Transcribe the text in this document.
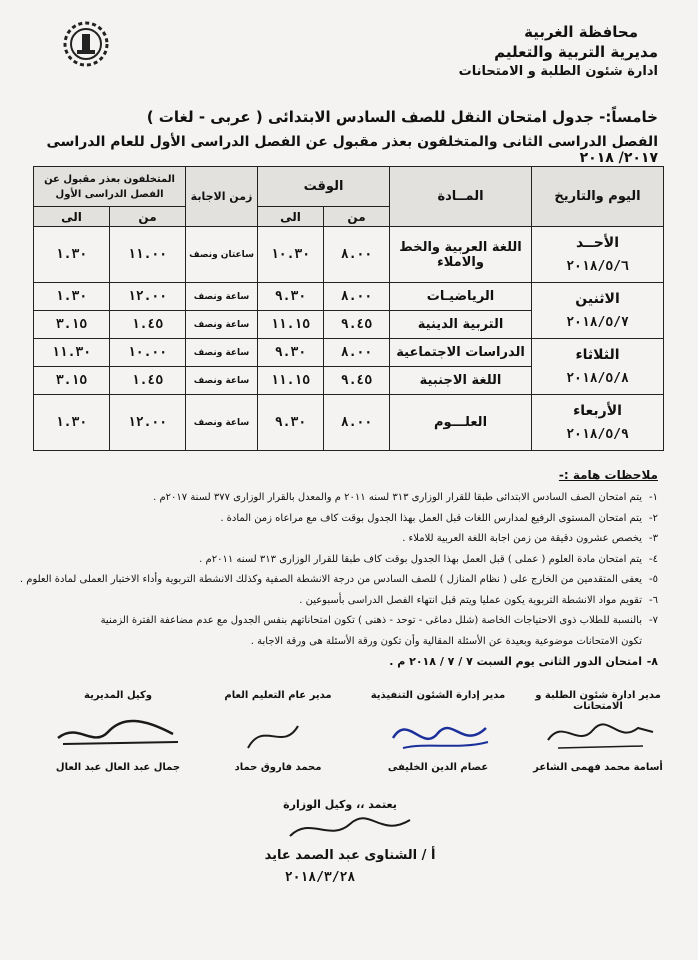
محافظة الغربية
مديرية التربية والتعليم
ادارة شئون الطلبة و الامتحانات
خامساً:- جدول امتحان النقل للصف السادس الابتدائى ( عربى - لغات )
الفصل الدراسى الثانى والمتخلفون بعذر مقبول عن الفصل الدراسى الأول للعام الدراسى ٢٠١٧/ ٢٠١٨
اليوم والتاريخ	المــادة	الوقت		زمن الاجابة	المتخلفون بعذر مقبول عن الفصل الدراسى الأول	
		من	الى		من	الى

الأحــد
٢٠١٨/٥/٦	اللغة العربية والخط والاملاء	٨.٠٠	١٠.٣٠	ساعتان ونصف	١١.٠٠	١.٣٠

الاثنين
٢٠١٨/٥/٧	الرياضيـات	٨.٠٠	٩.٣٠	ساعة ونصف	١٢.٠٠	١.٣٠
	التربية الدينية	٩.٤٥	١١.١٥	ساعة ونصف	١.٤٥	٣.١٥

الثلاثاء
٢٠١٨/٥/٨	الدراسات الاجتماعية	٨.٠٠	٩.٣٠	ساعة ونصف	١٠.٠٠	١١.٣٠
	اللغة الاجنبية	٩.٤٥	١١.١٥	ساعة ونصف	١.٤٥	٣.١٥

الأربعاء
٢٠١٨/٥/٩	العلـــوم	٨.٠٠	٩.٣٠	ساعة ونصف	١٢.٠٠	١.٣٠
ملاحظات هامة :-
١-يتم امتحان الصف السادس الابتدائى طبقا للقرار الوزارى ٣١٣ لسنه ٢٠١١ م والمعدل بالقرار الوزارى ٣٧٧ لسنة ٢٠١٧م .
٢-يتم امتحان المستوى الرفيع لمدارس اللغات قبل العمل بهذا الجدول بوقت كاف مع مراعاه زمن المادة .
٣-يخصص عشرون دقيقة من زمن اجابة اللغة العربية للاملاء .
٤-يتم امتحان مادة العلوم ( عملى ) قبل العمل بهذا الجدول بوقت كاف طبقا للقرار الوزارى ٣١٣ لسنه ٢٠١١م .
٥-يعفى المتقدمين من الخارج على ( نظام المنازل ) للصف السادس من درجة الانشطة الصفية وكذلك الانشطة التربوية وأداء الاختبار العملى لمادة العلوم .
٦-تقويم مواد الانشطة التربوية يكون عمليا ويتم قبل انتهاء الفصل الدراسى بأسبوعين .
٧-بالنسبة للطلاب ذوى الاحتياجات الخاصة (شلل دماغى - توحد - ذهنى ) تكون امتحاناتهم بنفس الجدول مع عدم مضاعفة الفترة الزمنية
تكون الامتحانات موضوعية وبعيدة عن الأسئلة المقالية وأن تكون ورقة الأسئلة هى ورقة الاجابة .
٨-امتحان الدور الثانى يوم السبت ٧ / ٧ / ٢٠١٨ م .
مدير ادارة شئون الطلبة و الامتحانات
أسامة محمد فهمى الشاعر
مدير إدارة الشئون التنفيذية
عصام الدين الخليفى
مدير عام التعليم العام
محمد فاروق حماد
وكيل المديرية
جمال عبد العال عبد العال
يعتمد ،، وكيل الوزارة
أ / الشناوى عبد الصمد عايد
٢٠١٨/٣/٢٨
